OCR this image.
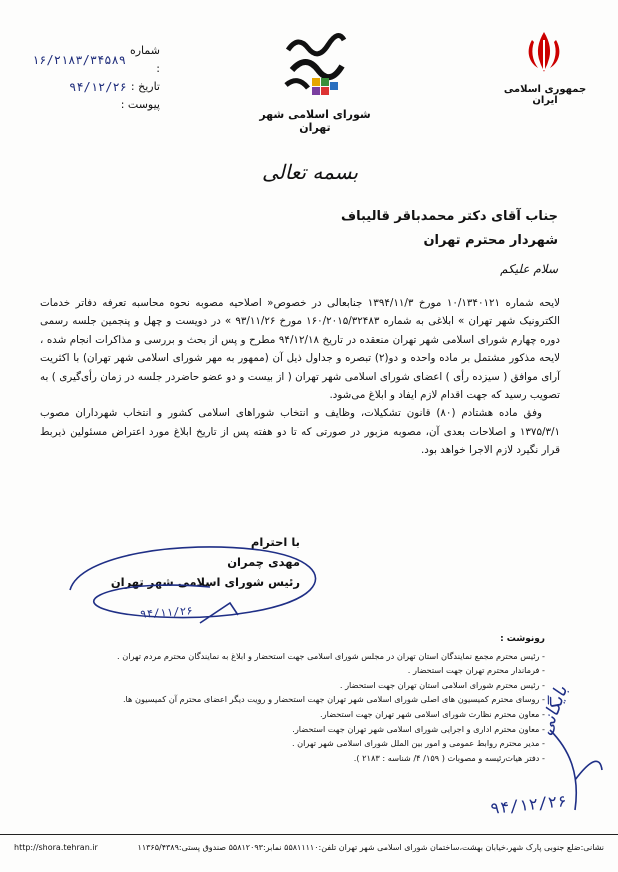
شماره :
۱۶/۲۱۸۳/۳۴۵۸۹
تاریخ :
۹۴/۱۲/۲۶
پیوست :
جمهوری اسلامی ایران
شورای اسلامی شهر تهران
بسمه تعالی
جناب آقای دکتر محمدباقر قالیباف
شهردار محترم تهران
سلام علیکم

لایحه شماره ۱۰/۱۳۴۰۱۲۱ مورخ ۱۳۹۴/۱۱/۳ جنابعالی در خصوص« اصلاحیه مصوبه نحوه محاسبه تعرفه دفاتر خدمات الکترونیک شهر تهران » ابلاغی به شماره ۱۶۰/۲۰۱۵/۳۲۴۸۳ مورخ ۹۳/۱۱/۲۶ » در دویست و چهل و پنجمین جلسه رسمی دوره چهارم شورای اسلامی شهر تهران منعقده در تاریخ ۹۴/۱۲/۱۸ مطرح و پس از بحث و بررسی و مذاکرات انجام شده ، لایحه مذکور مشتمل بر ماده واحده و دو(۲) تبصره و جداول ذیل آن (ممهور به مهر شورای اسلامی شهر تهران) با اکثریت آرای موافق ( سیزده رأی ) اعضای شورای اسلامی شهر تهران ( از بیست و دو عضو حاضردر جلسه در زمان رأی‌گیری ) به تصویب رسید که جهت اقدام لازم ایفاد و ابلاغ می‌شود.

وفق ماده هشتادم (۸۰) قانون تشکیلات، وظایف و انتخاب شوراهای اسلامی کشور و انتخاب شهرداران مصوب ۱۳۷۵/۳/۱ و اصلاحات بعدی آن، مصوبه مزبور در صورتی که تا دو هفته پس از تاریخ ابلاغ مورد اعتراض مسئولین ذیربط قرار نگیرد لازم الاجرا خواهد بود.

با احترام
مهدی چمران
رئیس شورای اسلامی شهر تهران
۹۴/۱۱/۲۶
رونوشت :
- رئیس محترم مجمع نمایندگان استان تهران در مجلس شورای اسلامی جهت استحضار و ابلاغ به نمایندگان محترم مردم تهران .
- فرماندار محترم تهران جهت استحضار .
- رئیس محترم شورای اسلامی استان تهران جهت استحضار .
- روسای محترم کمیسیون های اصلی شورای اسلامی شهر تهران جهت استحضار و رویت دیگر اعضای محترم آن کمیسیون ها.
- معاون محترم نظارت شورای اسلامی شهر تهران جهت استحضار.
- معاون محترم اداری و اجرایی شورای اسلامی شهر تهران جهت استحضار.
- مدیر محترم روابط عمومی و امور بین الملل شورای اسلامی شهر تهران .
- دفتر هیات‌رئیسه و مصوبات ( ۱۵۹/ ۴/ شناسه : ۲۱۸۳ ).
بایگانی
۹۴/۱۲/۲۶
http://shora.tehran.ir	نشانی:ضلع جنوبی پارک شهر،خیابان بهشت،ساختمان شورای اسلامی شهر تهران تلفن:۵۵۸۱۱۱۱۰ نمابر:۵۵۸۱۲۰۹۳ صندوق پستی:۱۱۳۶۵/۴۳۸۹
